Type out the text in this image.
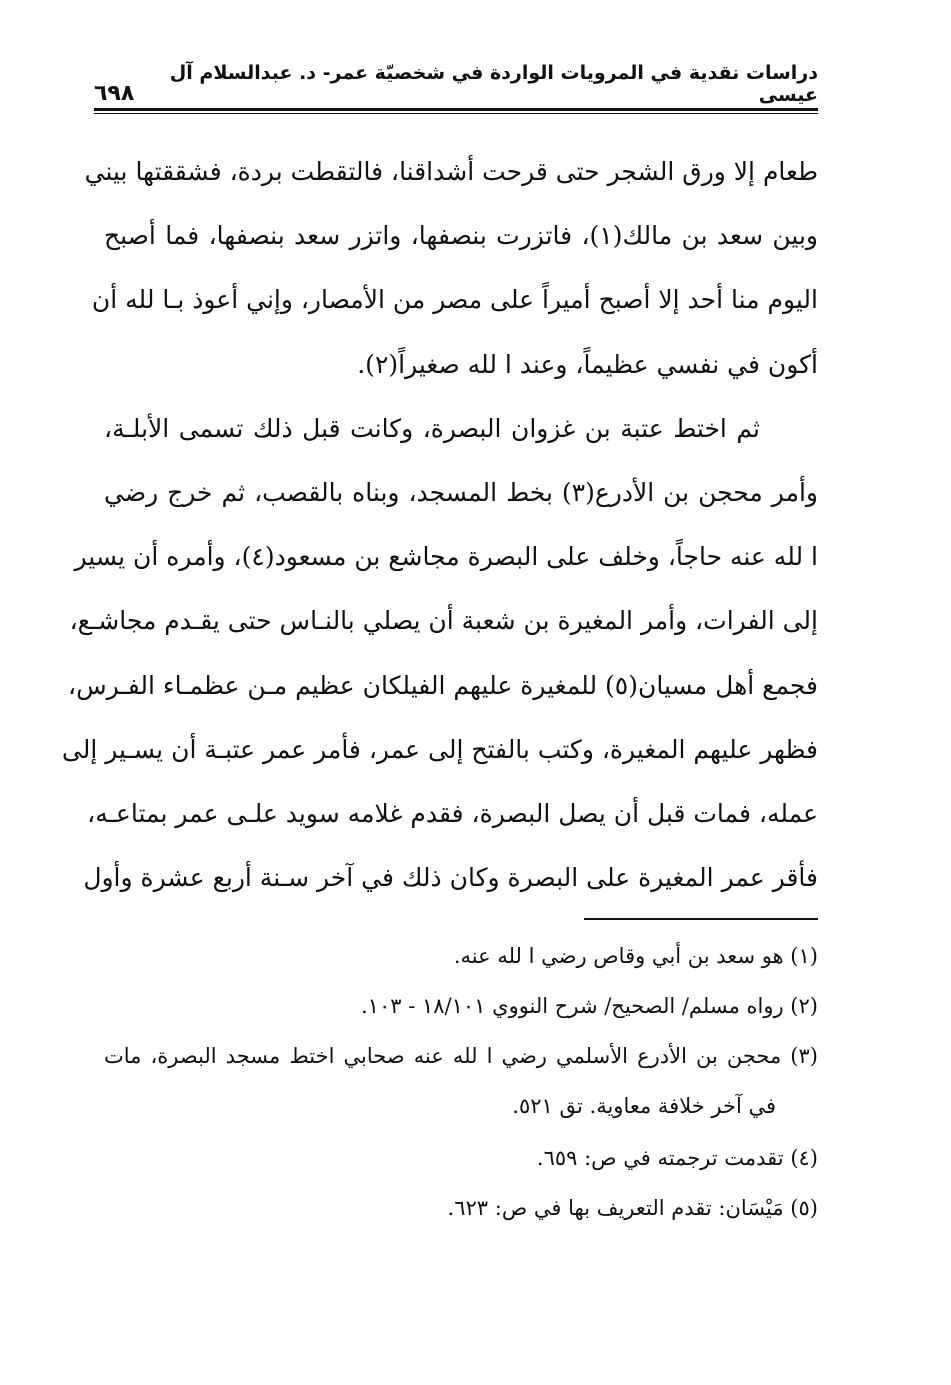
دراسات نقدية في المرويات الواردة في شخصيّة عمر- د. عبدالسلام آل عيسى
٦٩٨
طعام إلا ورق الشجر حتى قرحت أشداقنا، فالتقطت بردة، فشققتها بيني
وبين سعد بن مالك(١)، فاتزرت بنصفها، واتزر سعد بنصفها، فما أصبح
اليوم منا أحد إلا أصبح أميراً على مصر من الأمصار، وإني أعوذ بـا لله أن
أكون في نفسي عظيماً، وعند ا لله صغيراً(٢).
ثم اختط عتبة بن غزوان البصرة، وكانت قبل ذلك تسمى الأبلـة،
وأمر محجن بن الأدرع(٣) بخط المسجد، وبناه بالقصب، ثم خرج رضي
ا لله عنه حاجاً، وخلف على البصرة مجاشع بن مسعود(٤)، وأمره أن يسير
إلى الفرات، وأمر المغيرة بن شعبة أن يصلي بالنـاس حتى يقـدم مجاشـع،
فجمع أهل مسيان(٥) للمغيرة عليهم الفيلكان عظيم مـن عظمـاء الفـرس،
فظهر عليهم المغيرة، وكتب بالفتح إلى عمر، فأمر عمر عتبـة أن يسـير إلى
عمله، فمات قبل أن يصل البصرة، فقدم غلامه سويد علـى عمر بمتاعـه،
فأقر عمر المغيرة على البصرة وكان ذلك في آخر سـنة أربع عشرة وأول
(١) هو سعد بن أبي وقاص رضي ا لله عنه.
(٢) رواه مسلم/ الصحيح/ شرح النووي ١٨/١٠١ - ١٠٣.
(٣) محجن بن الأدرع الأسلمي رضي ا لله عنه صحابي اختط مسجد البصرة، مات
في آخر خلافة معاوية. تق ٥٢١.
(٤) تقدمت ترجمته في ص: ٦٥٩.
(٥) مَيْسَان: تقدم التعريف بها في ص: ٦٢٣.
